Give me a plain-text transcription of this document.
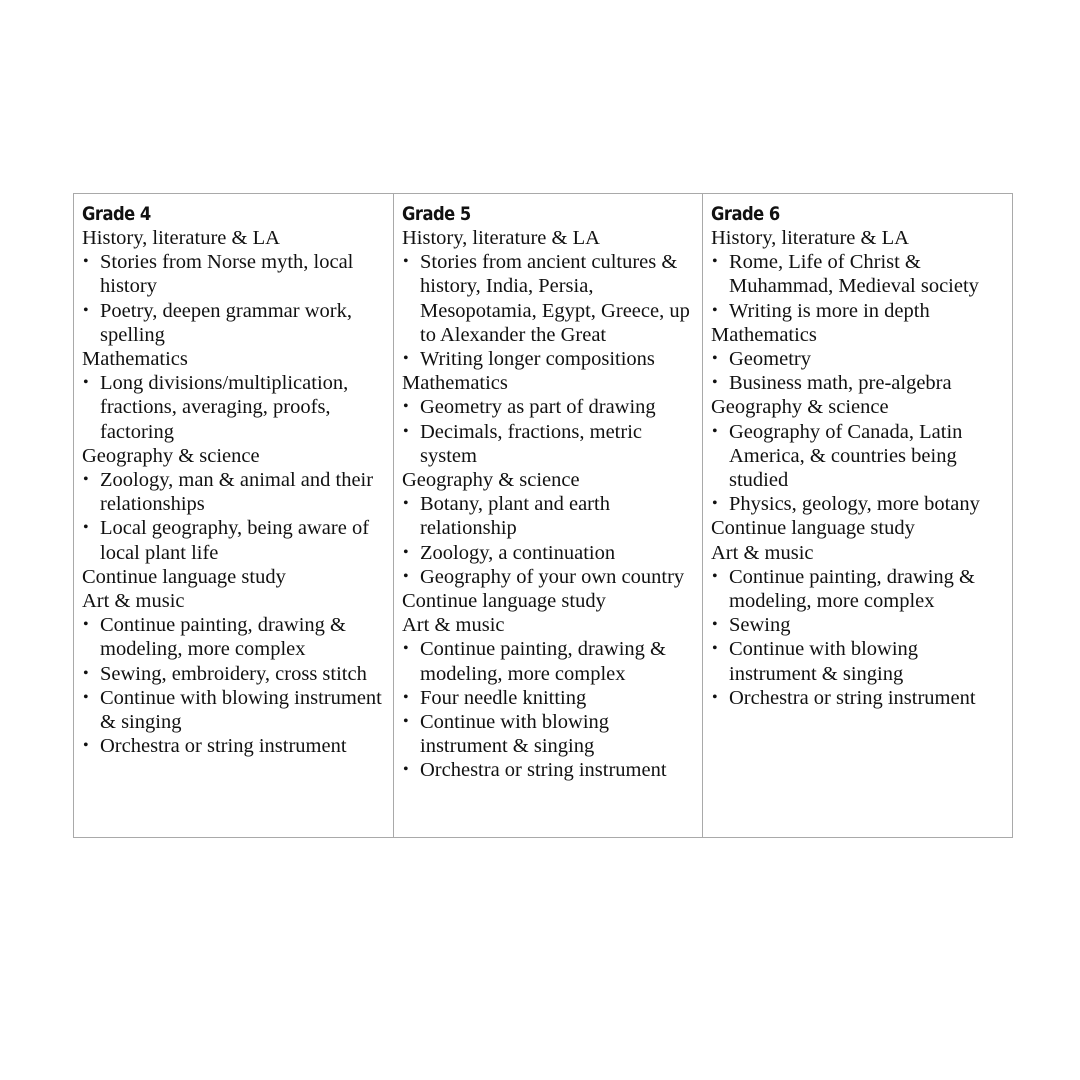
Grade 4
History, literature & LA
• Stories from Norse myth, local history
• Poetry, deepen grammar work, spelling
Mathematics
• Long divisions/multiplication, fractions, averaging, proofs, factoring
Geography & science
• Zoology, man & animal and their relationships
• Local geography, being aware of local plant life
Continue language study
Art & music
• Continue painting, drawing & modeling, more complex
• Sewing, embroidery, cross stitch
• Continue with blowing instrument & singing
• Orchestra or string instrument
Grade 5
History, literature & LA
• Stories from ancient cultures & history, India, Persia, Mesopotamia, Egypt, Greece, up to Alexander the Great
• Writing longer compositions
Mathematics
• Geometry as part of drawing
• Decimals, fractions, metric system
Geography & science
• Botany, plant and earth relationship
• Zoology, a continuation
• Geography of your own country
Continue language study
Art & music
• Continue painting, drawing & modeling, more complex
• Four needle knitting
• Continue with blowing instrument & singing
• Orchestra or string instrument
Grade 6
History, literature & LA
• Rome, Life of Christ & Muhammad, Medieval society
• Writing is more in depth
Mathematics
• Geometry
• Business math, pre-algebra
Geography & science
• Geography of Canada, Latin America, & countries being studied
• Physics, geology, more botany
Continue language study
Art & music
• Continue painting, drawing & modeling, more complex
• Sewing
• Continue with blowing instrument & singing
• Orchestra or string instrument
